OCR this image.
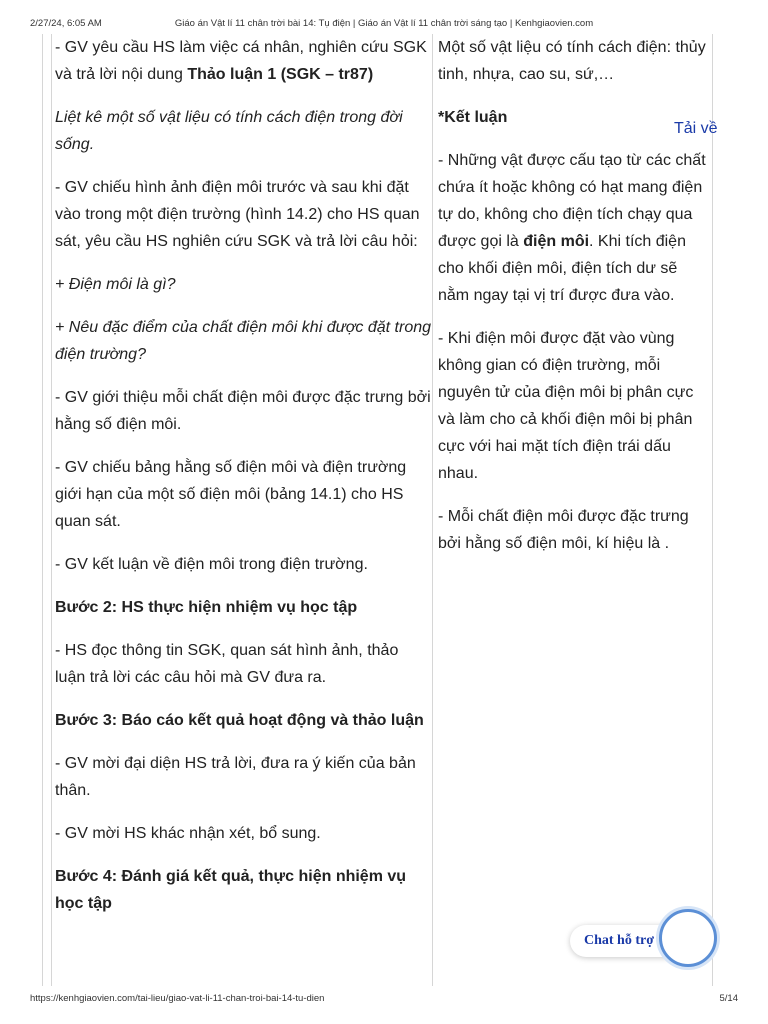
2/27/24, 6:05 AM	Giáo án Vật lí 11 chân trời bài 14: Tụ điện | Giáo án Vật lí 11 chân trời sáng tạo | Kenhgiaovien.com

- GV yêu cầu HS làm việc cá nhân, nghiên cứu SGK và trả lời nội dung Thảo luận 1 (SGK – tr87)

Liệt kê một số vật liệu có tính cách điện trong đời sống.

- GV chiếu hình ảnh điện môi trước và sau khi đặt vào trong một điện trường (hình 14.2) cho HS quan sát, yêu cầu HS nghiên cứu SGK và trả lời câu hỏi:

+ Điện môi là gì?

+ Nêu đặc điểm của chất điện môi khi được đặt trong điện trường?

- GV giới thiệu mỗi chất điện môi được đặc trưng bởi hằng số điện môi.

- GV chiếu bảng hằng số điện môi và điện trường giới hạn của một số điện môi (bảng 14.1) cho HS quan sát.

- GV kết luận về điện môi trong điện trường.

Bước 2: HS thực hiện nhiệm vụ học tập

- HS đọc thông tin SGK, quan sát hình ảnh, thảo luận trả lời các câu hỏi mà GV đưa ra.

Bước 3: Báo cáo kết quả hoạt động và thảo luận

- GV mời đại diện HS trả lời, đưa ra ý kiến của bản thân.

- GV mời HS khác nhận xét, bổ sung.

Bước 4: Đánh giá kết quả, thực hiện nhiệm vụ học tập

Một số vật liệu có tính cách điện: thủy tinh, nhựa, cao su, sứ,…

*Kết luận

- Những vật được cấu tạo từ các chất chứa ít hoặc không có hạt mang điện tự do, không cho điện tích chạy qua được gọi là điện môi. Khi tích điện cho khối điện môi, điện tích dư sẽ nằm ngay tại vị trí được đưa vào.

- Khi điện môi được đặt vào vùng không gian có điện trường, mỗi nguyên tử của điện môi bị phân cực và làm cho cả khối điện môi bị phân cực với hai mặt tích điện trái dấu nhau.

- Mỗi chất điện môi được đặc trưng bởi hằng số điện môi, kí hiệu là .

Tải về
Chat hỗ trợ
https://kenhgiaovien.com/tai-lieu/giao-vat-li-11-chan-troi-bai-14-tu-dien	5/14
